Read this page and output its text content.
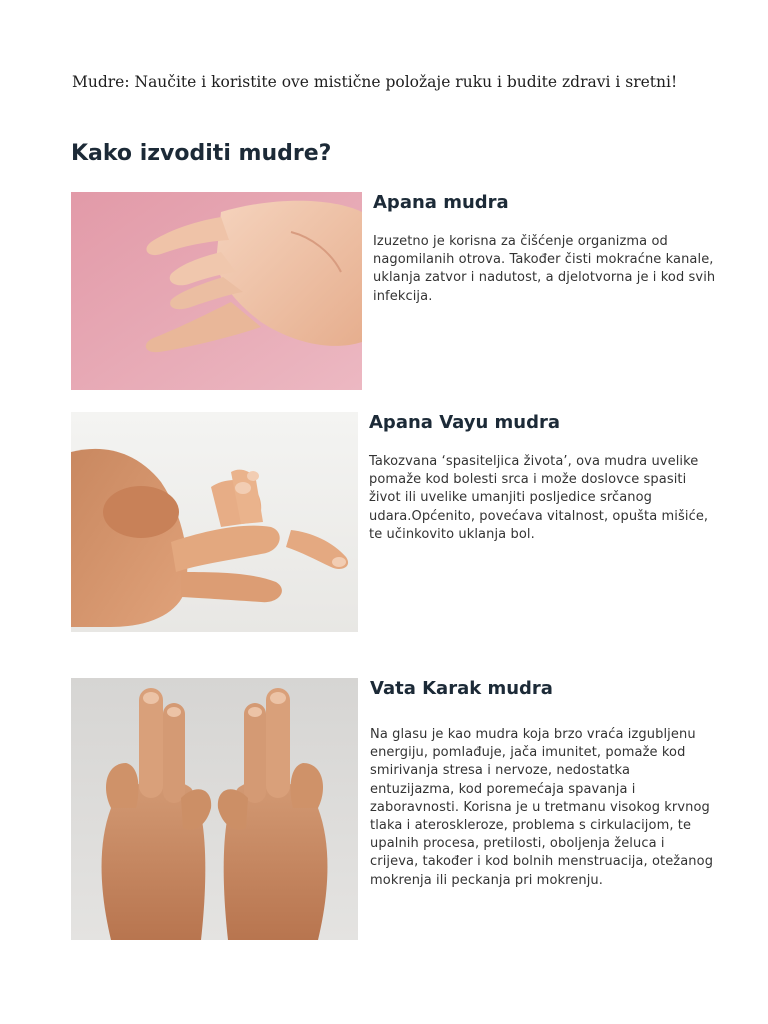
Mudre: Naučite i koristite ove mistične položaje ruku i budite zdravi i sretni!

Kako izvoditi mudre?
Apana mudra

Izuzetno je korisna za čišćenje organizma od nagomilanih otrova. Također čisti mokraćne kanale, uklanja zatvor i nadutost, a djelotvorna je i kod svih infekcija.

Apana Vayu mudra

Takozvana ‘spasiteljica života’, ova mudra uvelike pomaže kod bolesti srca i može doslovce spasiti život ili uvelike umanjiti posljedice srčanog udara.Općenito, povećava vitalnost, opušta mišiće, te učinkovito uklanja bol.

Vata Karak mudra

Na glasu je kao mudra koja brzo vraća izgubljenu energiju, pomlađuje, jača imunitet, pomaže kod smirivanja stresa i nervoze, nedostatka entuzijazma, kod poremećaja spavanja i zaboravnosti. Korisna je u tretmanu visokog krvnog tlaka i ateroskleroze, problema s cirkulacijom, te upalnih procesa, pretilosti, oboljenja želuca i crijeva, također i kod bolnih menstruacija, otežanog mokrenja ili peckanja pri mokrenju.
